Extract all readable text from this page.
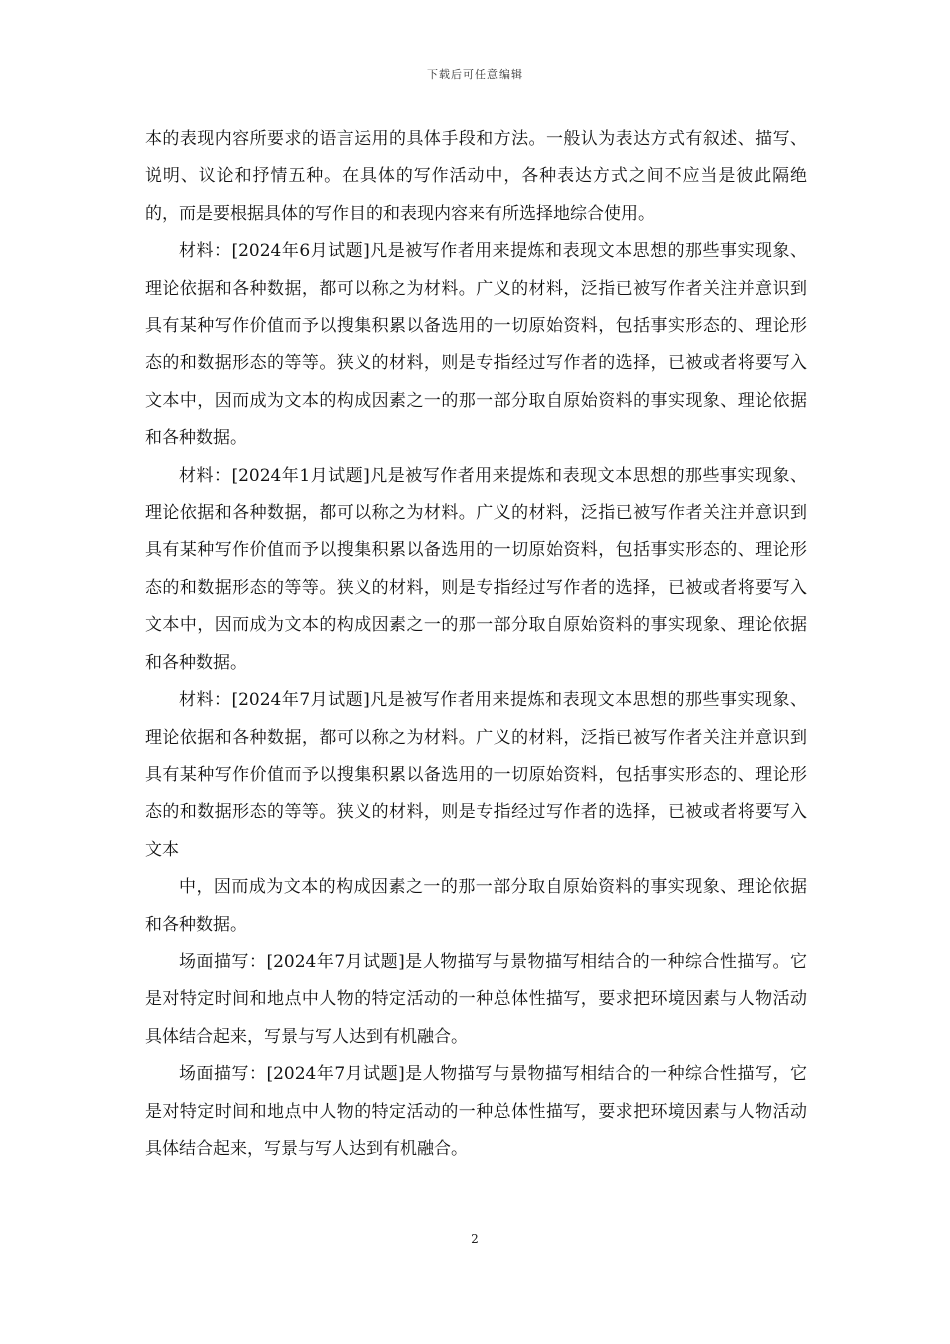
下载后可任意编辑

本的表现内容所要求的语言运用的具体手段和方法。一般认为表达方式有叙述、描写、说明、议论和抒情五种。在具体的写作活动中，各种表达方式之间不应当是彼此隔绝的，而是要根据具体的写作目的和表现内容来有所选择地综合使用。

材料：[2024年6月试题]凡是被写作者用来提炼和表现文本思想的那些事实现象、理论依据和各种数据，都可以称之为材料。广义的材料，泛指已被写作者关注并意识到具有某种写作价值而予以搜集积累以备选用的一切原始资料，包括事实形态的、理论形态的和数据形态的等等。狭义的材料，则是专指经过写作者的选择，已被或者将要写入文本中，因而成为文本的构成因素之一的那一部分取自原始资料的事实现象、理论依据和各种数据。

材料：[2024年1月试题]凡是被写作者用来提炼和表现文本思想的那些事实现象、理论依据和各种数据，都可以称之为材料。广义的材料，泛指已被写作者关注并意识到具有某种写作价值而予以搜集积累以备选用的一切原始资料，包括事实形态的、理论形态的和数据形态的等等。狭义的材料，则是专指经过写作者的选择，已被或者将要写入文本中，因而成为文本的构成因素之一的那一部分取自原始资料的事实现象、理论依据和各种数据。

材料：[2024年7月试题]凡是被写作者用来提炼和表现文本思想的那些事实现象、理论依据和各种数据，都可以称之为材料。广义的材料，泛指已被写作者关注并意识到具有某种写作价值而予以搜集积累以备选用的一切原始资料，包括事实形态的、理论形态的和数据形态的等等。狭义的材料，则是专指经过写作者的选择，已被或者将要写入文本

中，因而成为文本的构成因素之一的那一部分取自原始资料的事实现象、理论依据和各种数据。

场面描写：[2024年7月试题]是人物描写与景物描写相结合的一种综合性描写。它是对特定时间和地点中人物的特定活动的一种总体性描写，要求把环境因素与人物活动具体结合起来，写景与写人达到有机融合。

场面描写：[2024年7月试题]是人物描写与景物描写相结合的一种综合性描写，它是对特定时间和地点中人物的特定活动的一种总体性描写，要求把环境因素与人物活动具体结合起来，写景与写人达到有机融合。

2
